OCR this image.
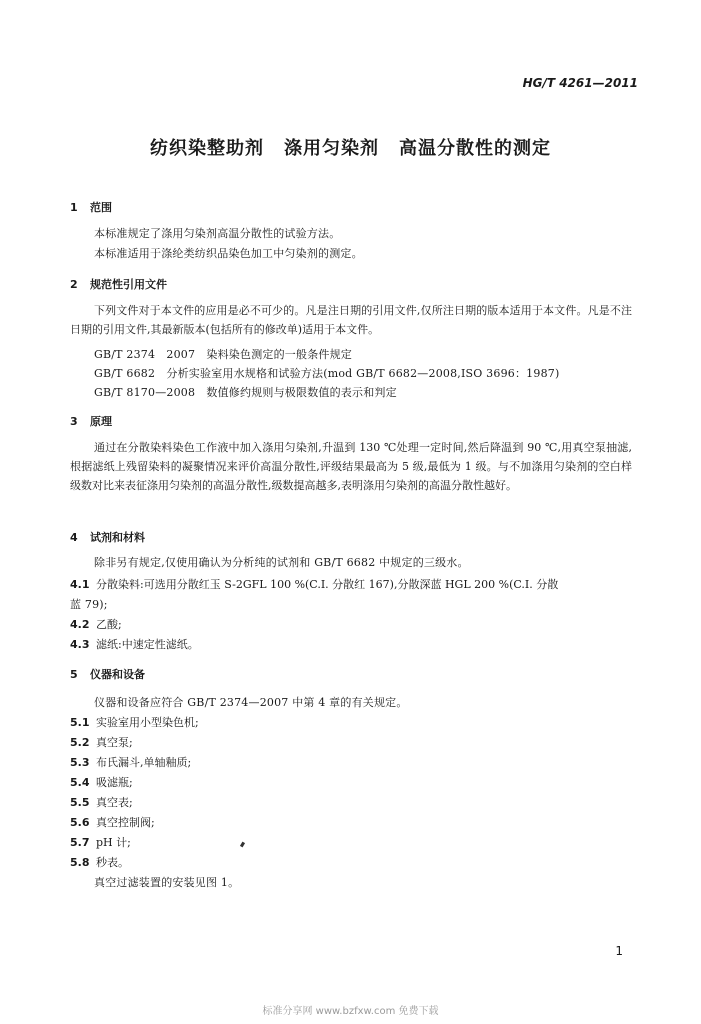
HG/T 4261—2011
纺织染整助剂 涤用匀染剂 高温分散性的测定
1 范围
本标准规定了涤用匀染剂高温分散性的试验方法。
本标准适用于涤纶类纺织品染色加工中匀染剂的测定。
2 规范性引用文件
下列文件对于本文件的应用是必不可少的。凡是注日期的引用文件,仅所注日期的版本适用于本文件。凡是不注日期的引用文件,其最新版本(包括所有的修改单)适用于本文件。
GB/T 2374　2007　染料染色测定的一般条件规定
GB/T 6682　分析实验室用水规格和试验方法(mod GB/T 6682—2008,ISO 3696：1987)
GB/T 8170—2008　数值修约规则与极限数值的表示和判定
3 原理
通过在分散染料染色工作液中加入涤用匀染剂,升温到 130 ℃处理一定时间,然后降温到 90 ℃,用真空泵抽滤,根据滤纸上残留染料的凝聚情况来评价高温分散性,评级结果最高为 5 级,最低为 1 级。与不加涤用匀染剂的空白样级数对比来表征涤用匀染剂的高温分散性,级数提高越多,表明涤用匀染剂的高温分散性越好。
4 试剂和材料
除非另有规定,仅使用确认为分析纯的试剂和 GB/T 6682 中规定的三级水。
4.1 分散染料:可选用分散红玉 S-2GFL 100 %(C.I. 分散红 167),分散深蓝 HGL 200 %(C.I. 分散
蓝 79);
4.2 乙酸;
4.3 滤纸:中速定性滤纸。
5 仪器和设备
仪器和设备应符合 GB/T 2374—2007 中第 4 章的有关规定。
5.1 实验室用小型染色机;
5.2 真空泵;
5.3 布氏漏斗,单轴釉质;
5.4 吸滤瓶;
5.5 真空表;
5.6 真空控制阀;
5.7 pH 计;
5.8 秒表。
真空过滤装置的安装见图 1。
1
标准分享网 www.bzfxw.com 免费下载
